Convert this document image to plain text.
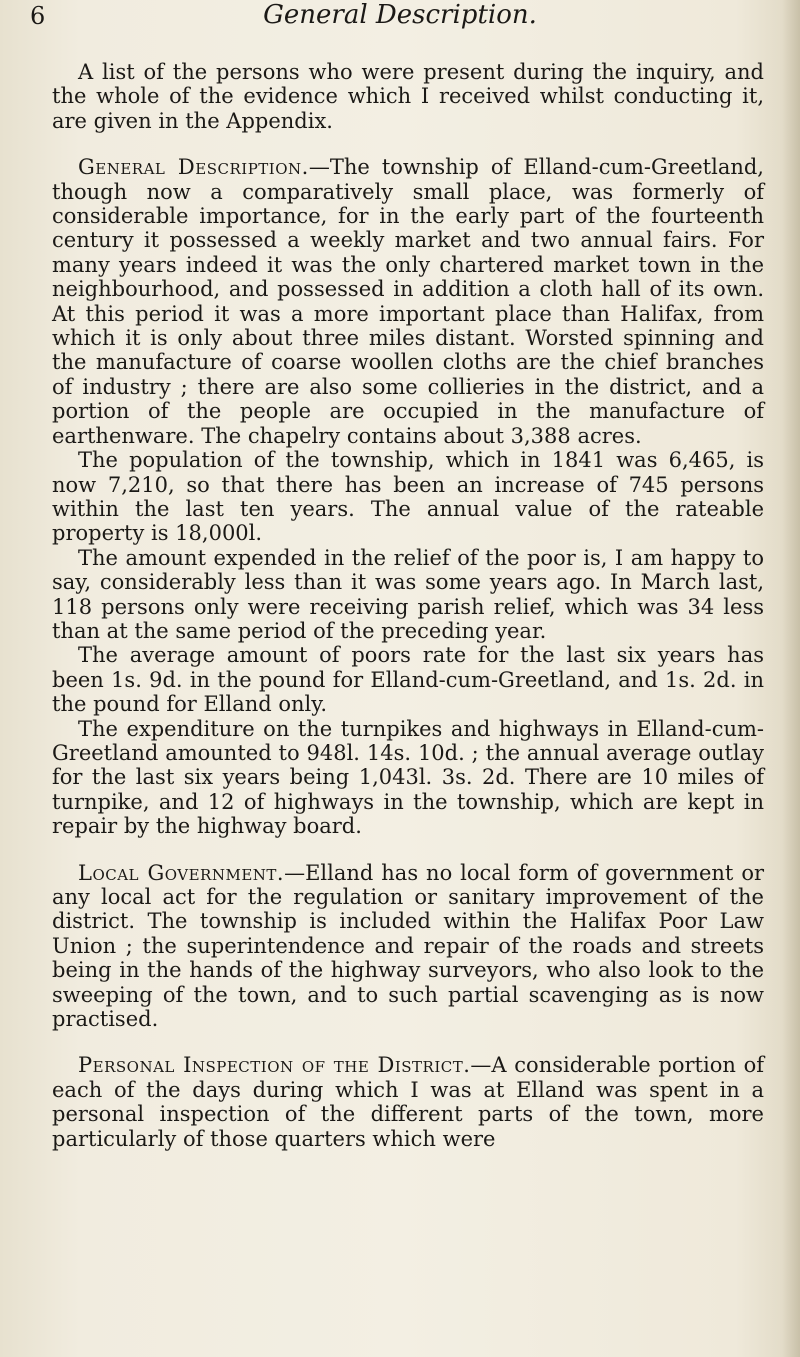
General Description.
6

A list of the persons who were present during the inquiry, and the whole of the evidence which I received whilst conducting it, are given in the Appendix.

General Description.—The township of Elland-cum-Greetland, though now a comparatively small place, was formerly of considerable importance, for in the early part of the fourteenth century it possessed a weekly market and two annual fairs. For many years indeed it was the only chartered market town in the neighbourhood, and possessed in addition a cloth hall of its own. At this period it was a more important place than Halifax, from which it is only about three miles distant. Worsted spinning and the manufacture of coarse woollen cloths are the chief branches of industry ; there are also some collieries in the district, and a portion of the people are occupied in the manufacture of earthenware. The chapelry contains about 3,388 acres.

The population of the township, which in 1841 was 6,465, is now 7,210, so that there has been an increase of 745 persons within the last ten years. The annual value of the rateable property is 18,000l.

The amount expended in the relief of the poor is, I am happy to say, considerably less than it was some years ago. In March last, 118 persons only were receiving parish relief, which was 34 less than at the same period of the preceding year.

The average amount of poors rate for the last six years has been 1s. 9d. in the pound for Elland-cum-Greetland, and 1s. 2d. in the pound for Elland only.

The expenditure on the turnpikes and highways in Elland-cum-Greetland amounted to 948l. 14s. 10d. ; the annual average outlay for the last six years being 1,043l. 3s. 2d. There are 10 miles of turnpike, and 12 of highways in the township, which are kept in repair by the highway board.

Local Government.—Elland has no local form of government or any local act for the regulation or sanitary improvement of the district. The township is included within the Halifax Poor Law Union ; the superintendence and repair of the roads and streets being in the hands of the highway surveyors, who also look to the sweeping of the town, and to such partial scavenging as is now practised.

Personal Inspection of the District.—A considerable portion of each of the days during which I was at Elland was spent in a personal inspection of the different parts of the town, more particularly of those quarters which were
